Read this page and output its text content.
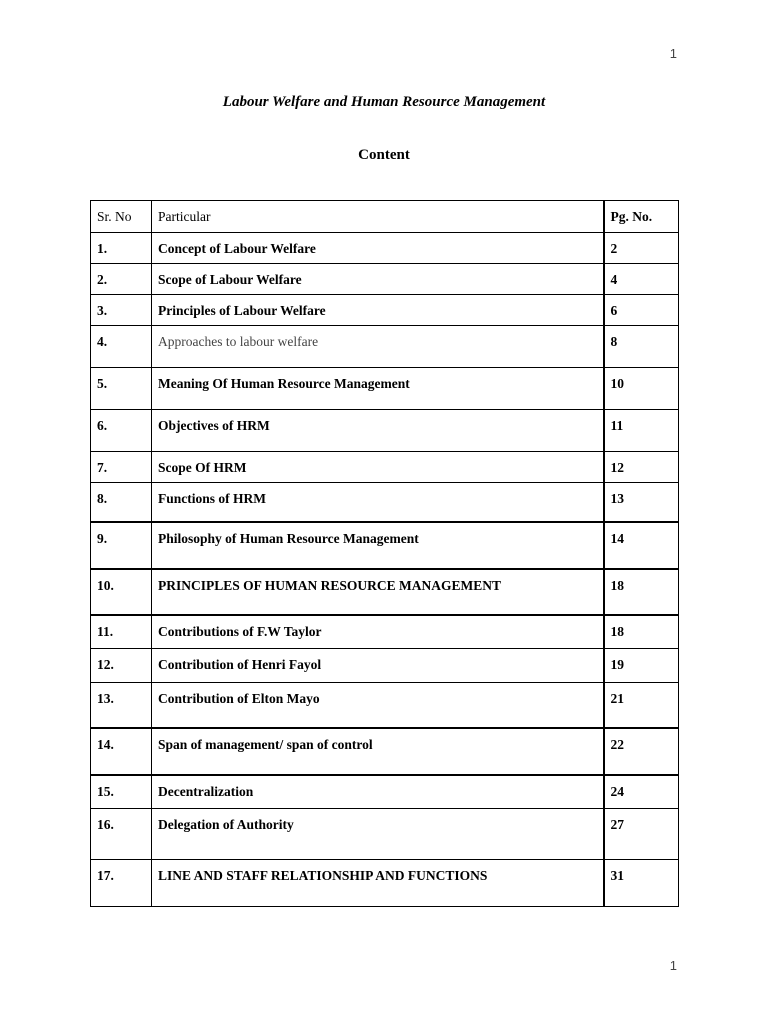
1
Labour Welfare and Human Resource Management
Content
Sr. No	Particular	Pg. No.
1.	Concept of Labour Welfare	2
2.	Scope of Labour Welfare	4
3.	Principles of Labour Welfare	6
4.	Approaches to labour welfare	8
5.	Meaning Of Human Resource Management	10
6.	Objectives of HRM	11
7.	Scope Of HRM	12
8.	Functions of HRM	13
9.	Philosophy of Human Resource Management	14
10.	PRINCIPLES OF HUMAN RESOURCE MANAGEMENT	18
11.	Contributions of F.W Taylor	18
12.	Contribution of Henri Fayol	19
13.	Contribution of Elton Mayo	21
14.	Span of management/ span of control	22
15.	Decentralization	24
16.	Delegation of Authority	27
17.	LINE AND STAFF RELATIONSHIP AND FUNCTIONS	31
1
